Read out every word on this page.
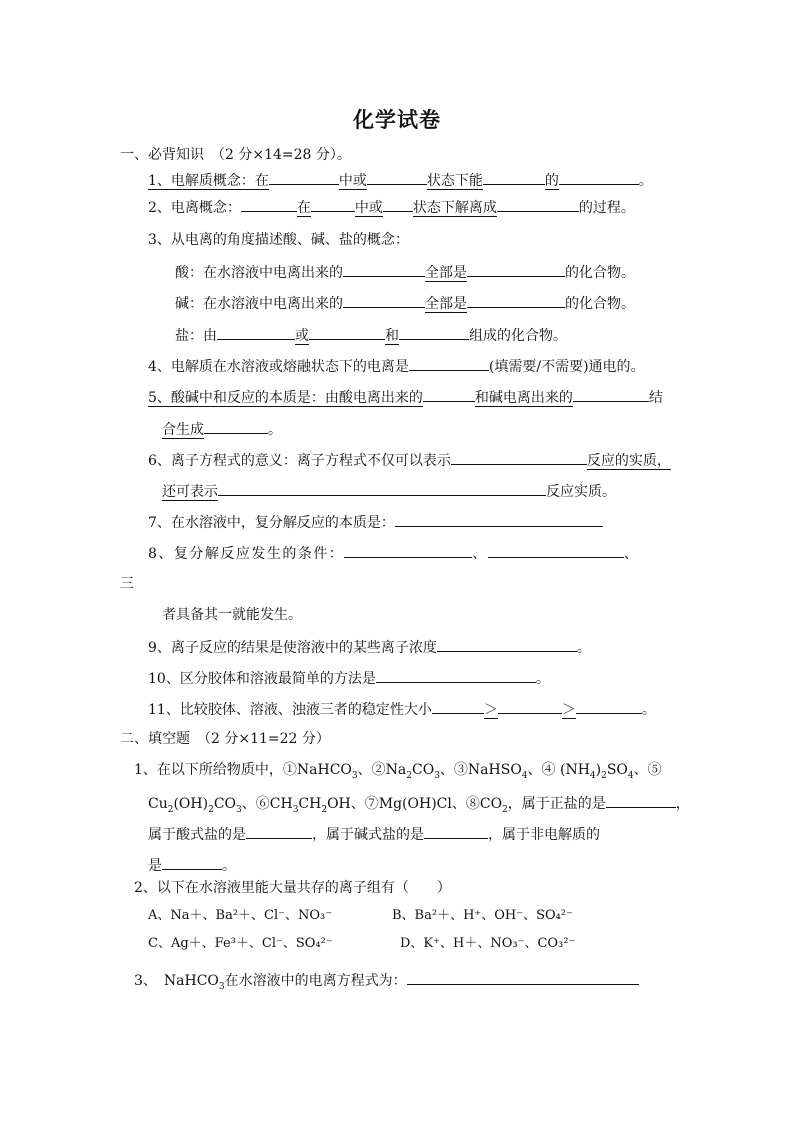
化学试卷
一、必背知识　（2 分×14=28 分）。
1、电解质概念：在	中或	状态下能	的	。
2、电离概念：	在	中或 状态下解离成	的过程。
3、从电离的角度描述酸、碱、盐的概念：
酸：在水溶液中电离出来的	全部是	的化合物。
碱：在水溶液中电离出来的	全部是	的化合物。
盐：由	或	和	组成的化合物。
4、电解质在水溶液或熔融状态下的电离是	(填需要/不需要)通电的。
5、酸碱中和反应的本质是：由酸电离出来的	和碱电离出来的	结
合生成	。
6、离子方程式的意义：离子方程式不仅可以表示	反应的实质，
还可表示	反应实质。
7、在水溶液中，复分解反应的本质是：
8、复分解反应发生的条件：	、	、
三
者具备其一就能发生。
9、离子反应的结果是使溶液中的某些离子浓度	。
10、区分胶体和溶液最简单的方法是	。
11、比较胶体、溶液、浊液三者的稳定性大小	＞	＞	。
二、填空题　（2 分×11=22 分）
1、在以下所给物质中，①NaHCO$_3$、$②Na_2CO_3$、③NaHSO$_4$、④ $(NH_4)_2SO_4$、⑤
$Cu_2(OH)_2CO_3$、$⑥CH_3CH_2OH$、⑦Mg(OH)Cl、$⑧CO_2$，属于正盐的是	，
属于酸式盐的是	，属于碱式盐的是	，属于非电解质的
是	。
2、以下在水溶液里能大量共存的离子组有（　　）
A、Na＋、Ba²＋、Cl⁻、NO₃⁻	B、Ba²＋、H⁺、OH⁻、SO₄²⁻
C、Ag＋、Fe³＋、Cl⁻、SO₄²⁻	D、K⁺、H＋、NO₃⁻、CO₃²⁻
3、　NaHCO$_3$在水溶液中的电离方程式为：
